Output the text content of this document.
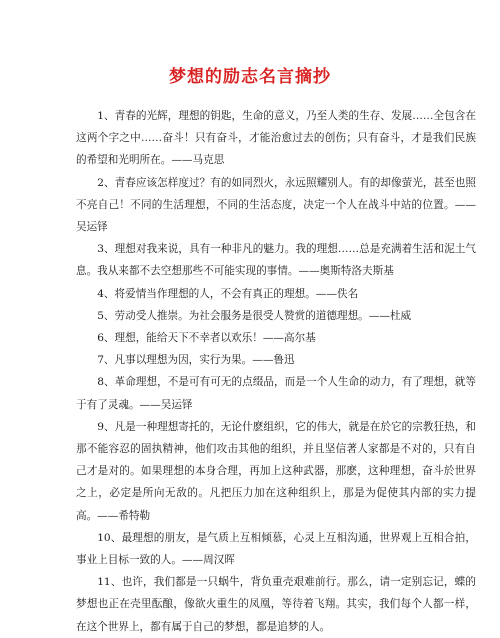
梦想的励志名言摘抄

1、青春的光辉，理想的钥匙，生命的意义，乃至人类的生存、发展……全包含在这两个字之中……奋斗！只有奋斗，才能治愈过去的创伤；只有奋斗，才是我们民族的希望和光明所在。——马克思

2、青春应该怎样度过？有的如同烈火，永远照耀别人。有的却像萤光，甚至也照不亮自己！不同的生活理想，不同的生活态度，决定一个人在战斗中站的位置。——吴运铎

3、理想对我来说，具有一种非凡的魅力。我的理想……总是充满着生活和泥土气息。我从来都不去空想那些不可能实现的事情。——奥斯特洛夫斯基

4、将爱情当作理想的人，不会有真正的理想。——佚名

5、劳动受人推崇。为社会服务是很受人赞赏的道德理想。——杜威

6、理想，能给天下不幸者以欢乐！——高尔基

7、凡事以理想为因，实行为果。——鲁迅

8、革命理想，不是可有可无的点缀品，而是一个人生命的动力，有了理想，就等于有了灵魂。——吴运铎

9、凡是一种理想寄托的，无论什麽组织，它的伟大，就是在於它的宗教狂热，和那不能容忍的固执精神，他们攻击其他的组织，并且坚信著人家都是不对的，只有自己才是对的。如果理想的本身合理，再加上这种武器，那麽，这种理想，奋斗於世界之上，必定是所向无敌的。凡把压力加在这种组织上，那是为促使其内部的实力提高。——希特勒

10、最理想的朋友，是气质上互相倾慕，心灵上互相沟通，世界观上互相合拍，事业上目标一致的人。——周汉晖

11、也许，我们都是一只蜗牛，背负重壳艰难前行。那么，请一定别忘记，蝶的梦想也正在壳里酝酿，像欲火重生的凤凰，等待着飞翔。其实，我们每个人都一样，在这个世界上，都有属于自己的梦想，都是追梦的人。
